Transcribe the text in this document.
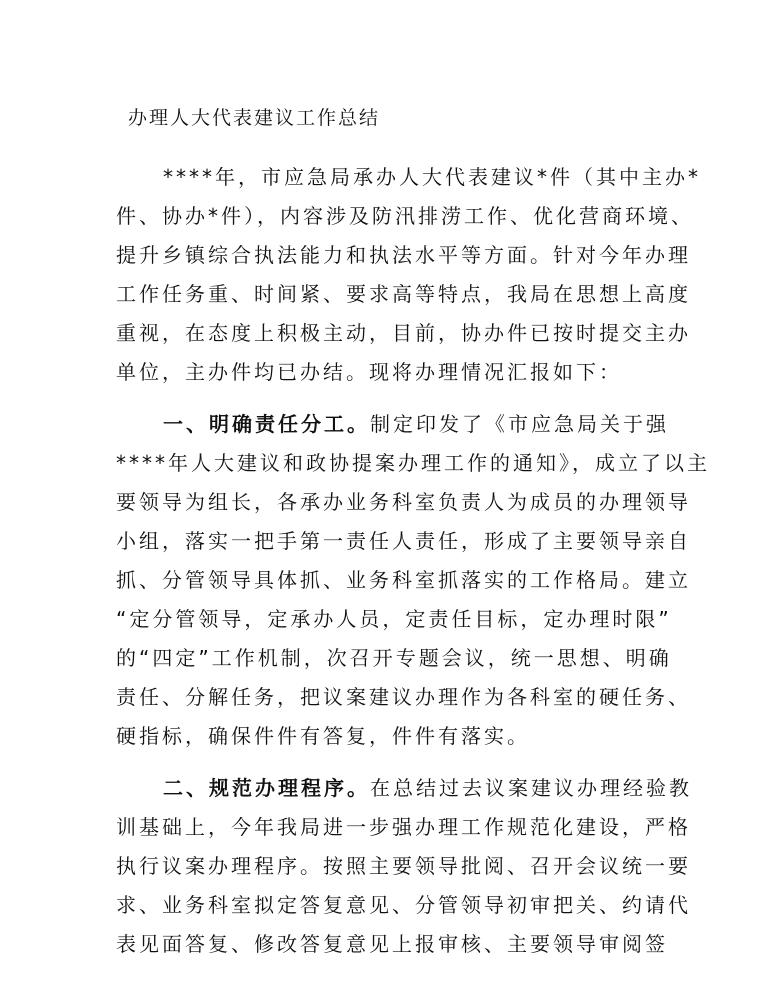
办理人大代表建议工作总结
****年，市应急局承办人大代表建议*件（其中主办*
件、协办*件），内容涉及防汛排涝工作、优化营商环境、
提升乡镇综合执法能力和执法水平等方面。针对今年办理
工作任务重、时间紧、要求高等特点，我局在思想上高度
重视，在态度上积极主动，目前，协办件已按时提交主办
单位，主办件均已办结。现将办理情况汇报如下：
一、明确责任分工。制定印发了《市应急局关于强
****年人大建议和政协提案办理工作的通知》，成立了以主
要领导为组长，各承办业务科室负责人为成员的办理领导
小组，落实一把手第一责任人责任，形成了主要领导亲自
抓、分管领导具体抓、业务科室抓落实的工作格局。建立
“定分管领导，定承办人员，定责任目标，定办理时限”
的“四定”工作机制，次召开专题会议，统一思想、明确
责任、分解任务，把议案建议办理作为各科室的硬任务、
硬指标，确保件件有答复，件件有落实。
二、规范办理程序。在总结过去议案建议办理经验教
训基础上，今年我局进一步强办理工作规范化建设，严格
执行议案办理程序。按照主要领导批阅、召开会议统一要
求、业务科室拟定答复意见、分管领导初审把关、约请代
表见面答复、修改答复意见上报审核、主要领导审阅签
